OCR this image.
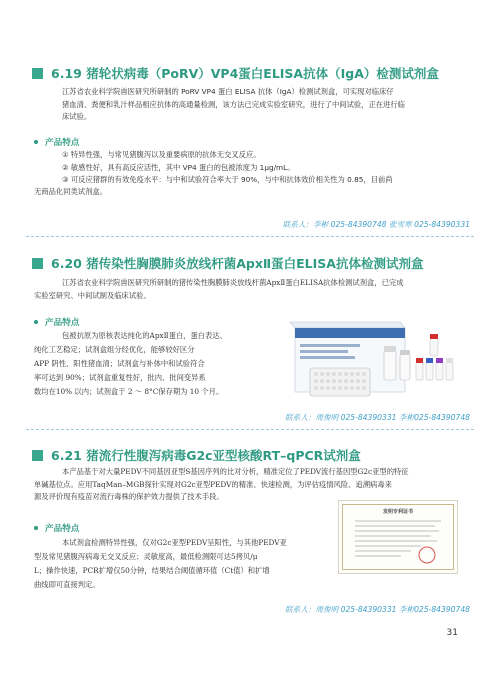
6.19 猪轮状病毒（PoRV）VP4蛋白ELISA抗体（IgA）检测试剂盒
江苏省农业科学院兽医研究所研制的 PoRV VP4 蛋白 ELISA 抗体（IgA）检测试剂盒，可实现对临床仔
猪血清、粪便和乳汁样品相应抗体的高通量检测，该方法已完成实验室研究，进行了中间试验，正在进行临
床试验。
产品特点
① 特异性强，与常见猪腹泻以及重要病原的抗体无交叉反应。
② 敏感性好，具有高反应活性，其中 VP4 蛋白的包被浓度为 1μg/mL。
③ 可反应猪群的有效免疫水平：与中和试验符合率大于 90%，与中和抗体效价相关性为 0.85，目前尚
无商品化同类试剂盒。
联系人：李彬 025-84390748 张雪寒 025-84390331
6.20 猪传染性胸膜肺炎放线杆菌ApxⅡ蛋白ELISA抗体检测试剂盒
江苏省农业科学院兽医研究所研制的猪传染性胸膜肺炎放线杆菌ApxⅡ蛋白ELISA抗体检测试剂盒，已完成
实验室研究、中间试制及临床试验。
产品特点
包被抗原为原核表达纯化的ApxⅡ蛋白，蛋白表达、
纯化工艺稳定；试剂盒组分经优化，能够较好区分
APP 阴性、阳性猪血清；试剂盒与补体中和试验符合
率可达到 90%；试剂盒重复性好，批内、批间变异系
数均在10% 以内；试剂盒于 2 ～ 8°C保存期为 10 个月。
联系人：周俊明 025-84390331 李彬025-84390748
6.21 猪流行性腹泻病毒G2c亚型核酸RT–qPCR试剂盒
本产品基于对大量PEDV不同基因亚型S基因序列的比对分析，精准定位了PEDV流行基因型G2c亚型的特征
单碱基位点。应用TaqMan–MGB探针实现对G2c亚型PEDV的精准、快速检测，为评估疫情风险、追溯病毒来
源及评价现有疫苗对流行毒株的保护效力提供了技术手段。
产品特点
本试剂盒检测特异性强，仅对G2c亚型PEDV呈阳性，与其他PEDV亚
型及常见猪腹泻病毒无交叉反应；灵敏度高，最低检测限可达5拷贝/μ
L；操作快速，PCR扩增仅50分钟，结果结合阈值循环值（Ct值）和扩增
曲线即可直接判定。
发明专利证书
联系人：周俊明 025-84390331 李彬025-84390748
31
